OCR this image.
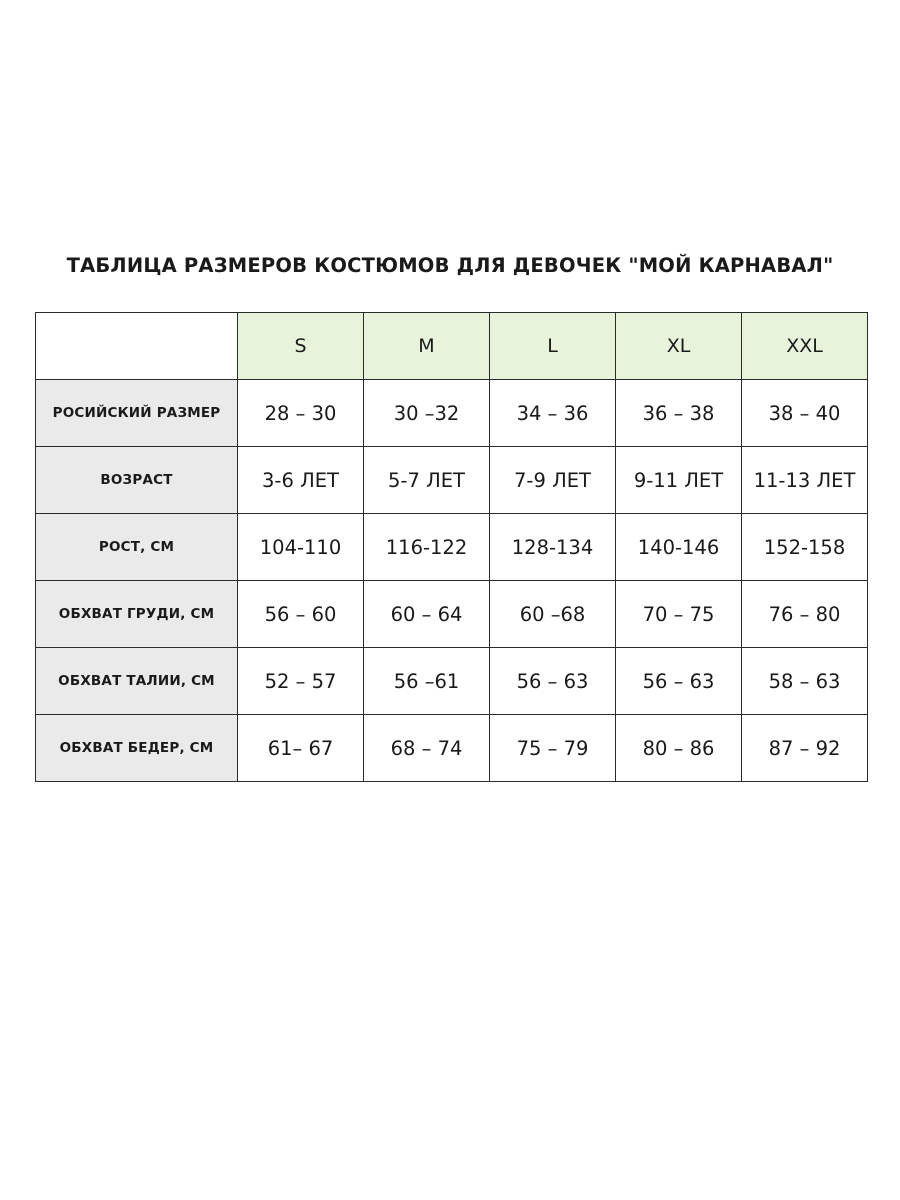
ТАБЛИЦА РАЗМЕРОВ КОСТЮМОВ ДЛЯ ДЕВОЧЕК "МОЙ КАРНАВАЛ"
	S	M	L	XL	XXL
РОСИЙСКИЙ РАЗМЕР	28 – 30	30 –32	34 – 36	36 – 38	38 – 40
ВОЗРАСТ	3-6 ЛЕТ	5-7 ЛЕТ	7-9 ЛЕТ	9-11 ЛЕТ	11-13 ЛЕТ
РОСТ, СМ	104-110	116-122	128-134	140-146	152-158
ОБХВАТ ГРУДИ, СМ	56 – 60	60 – 64	60 –68	70 – 75	76 – 80
ОБХВАТ ТАЛИИ, СМ	52 – 57	56 –61	56 – 63	56 – 63	58 – 63
ОБХВАТ БЕДЕР, СМ	61– 67	68 – 74	75 – 79	80 – 86	87 – 92
